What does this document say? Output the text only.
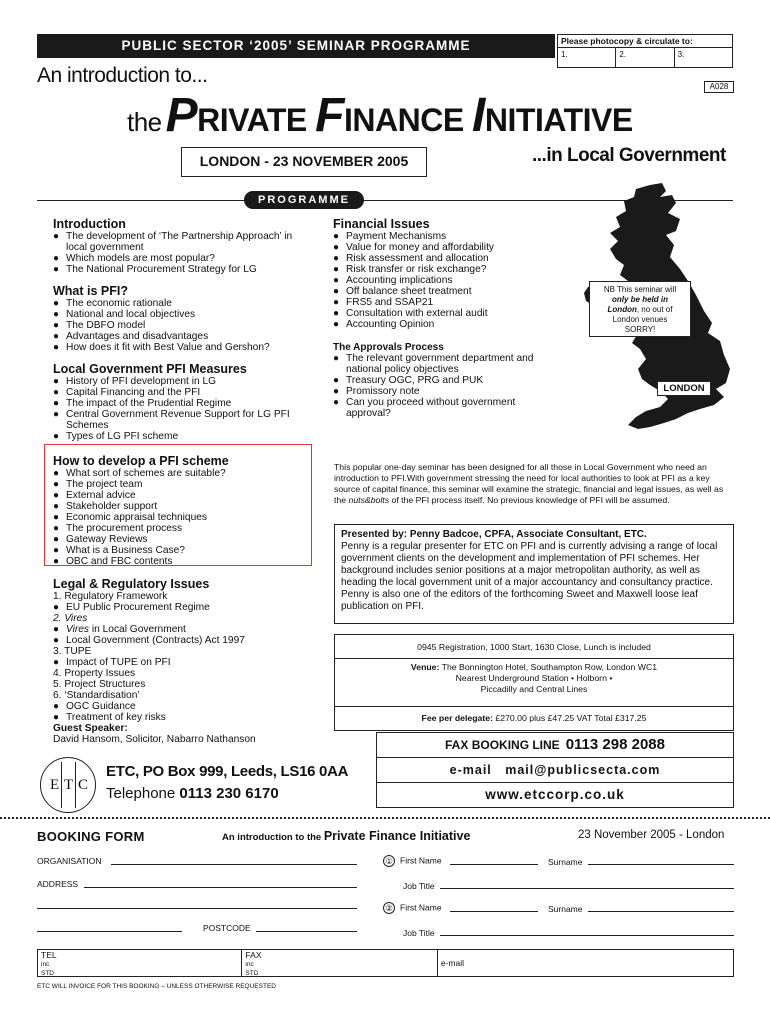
PUBLIC SECTOR ‘2005’ SEMINAR PROGRAMME	Please photocopy & circulate to:
1.	2.	3.
A028
An introduction to...
thePRIVATE FINANCE INITIATIVE
LONDON - 23 NOVEMBER 2005	...in Local Government
PROGRAMME
Introduction
● The development of ‘The Partnership Approach’ in local government
● Which models are most popular?
● The National Procurement Strategy for LG
What is PFI?
● The economic rationale
● National and local objectives
● The DBFO model
● Advantages and disadvantages
● How does it fit with Best Value and Gershon?
Local Government PFI Measures
● History of PFI development in LG
● Capital Financing and the PFI
● The impact of the Prudential Regime
● Central Government Revenue Support for LG PFI Schemes
● Types of LG PFI scheme
How to develop a PFI scheme
● What sort of schemes are suitable?
● The project team
● External advice
● Stakeholder support
● Economic appraisal techniques
● The procurement process
● Gateway Reviews
● What is a Business Case?
● OBC and FBC contents
Legal & Regulatory Issues
1. Regulatory Framework
● EU Public Procurement Regime
2. Vires
● Vires in Local Government
● Local Government (Contracts) Act 1997
3. TUPE
● Impact of TUPE on PFI
4. Property Issues
5. Project Structures
6. ‘Standardisation’
● OGC Guidance
● Treatment of key risks
Guest Speaker:
David Hansom, Solicitor, Nabarro Nathanson
Financial Issues
● Payment Mechanisms
● Value for money and affordability
● Risk assessment and allocation
● Risk transfer or risk exchange?
● Accounting implications
● Off balance sheet treatment
● FRS5 and SSAP21
● Consultation with external audit
● Accounting Opinion
The Approvals Process
● The relevant government department and national policy objectives
● Treasury OGC, PRG and PUK
● Promissory note
● Can you proceed without government approval?
NB This seminar will
only be held in
London, no out of
London venues
SORRY!
LONDON
This popular one-day seminar has been designed for all those in Local Government who need an introduction to PFI.With government stressing the need for local authorities to look at PFI as a key source of capital finance, this seminar will examine the strategic, financial and legal issues, as well as the nuts&bolts of the PFI process itself. No previous knowledge of PFI will be assumed.
Presented by: Penny Badcoe, CPFA, Associate Consultant, ETC.
Penny is a regular presenter for ETC on PFI and is currently advising a range of local government clients on the development and implementation of PFI schemes. Her background includes senior positions at a major metropolitan authority, as well as heading the local government unit of a major accountancy and consultancy practice. Penny is also one of the editors of the forthcoming Sweet and Maxwell loose leaf publication on PFI.
0945 Registration, 1000 Start, 1630 Close, Lunch is included
Venue: The Bonnington Hotel, Southampton Row, London WC1
Nearest Underground Station • Holborn •
Piccadilly and Central Lines
Fee per delegate: £270.00 plus £47.25 VAT Total £317.25
FAX BOOKING LINE 0113 298 2088
e-mail mail@publicsecta.com
www.etccorp.co.uk
E T C
ETC, PO Box 999, Leeds, LS16 0AA
Telephone 0113 230 6170
BOOKING FORM	An introduction to the Private Finance Initiative	23 November 2005 - London
ORGANISATION
ADDRESS
POSTCODE
① First Name	Surname
Job Title
② First Name	Surname
Job Title
TEL
inc
STD
FAX
inc
STD
e-mail
ETC WILL INVOICE FOR THIS BOOKING – UNLESS OTHERWISE REQUESTED
